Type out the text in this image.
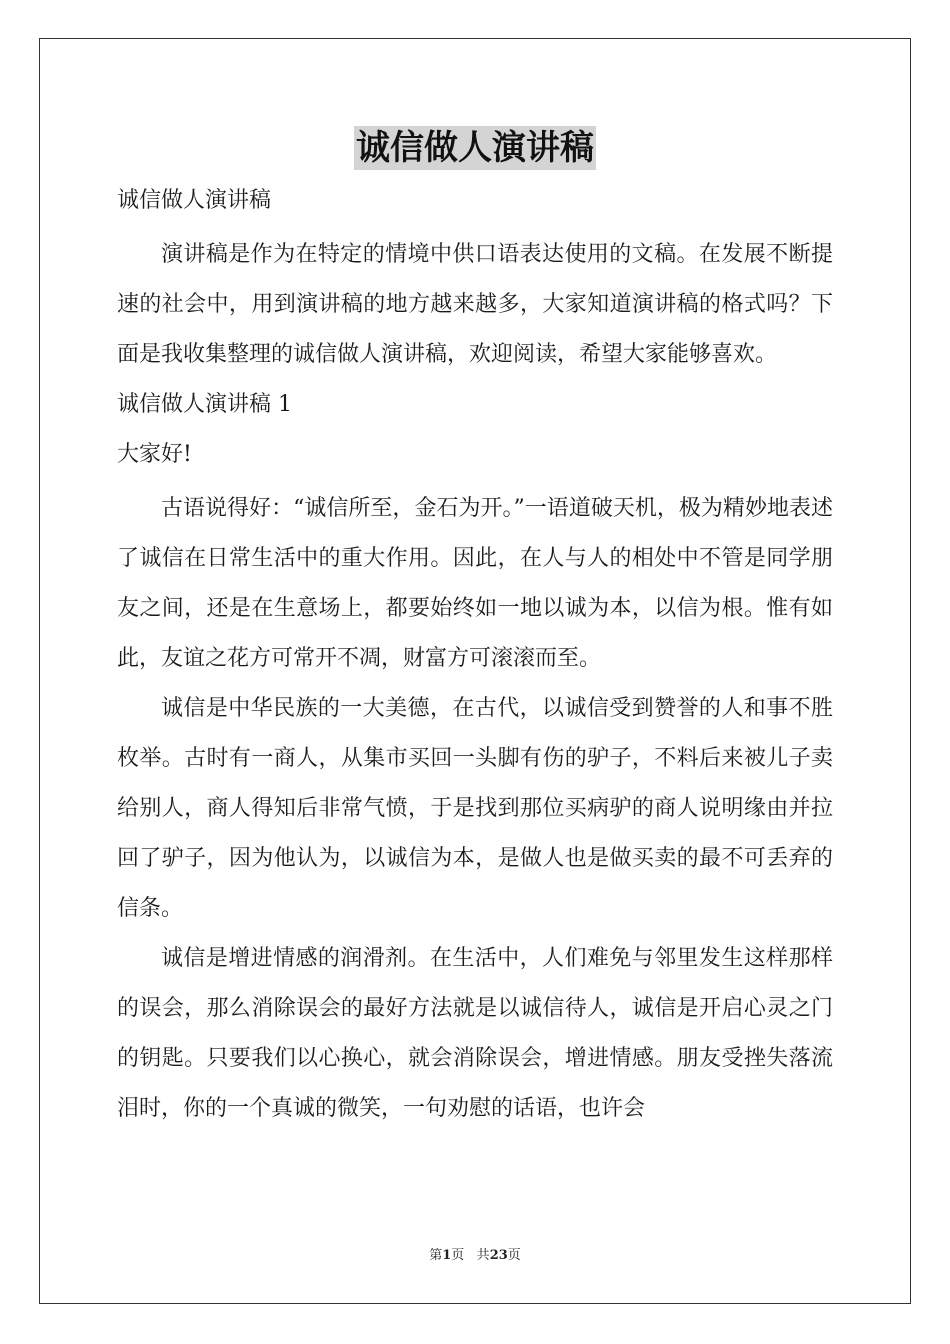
诚信做人演讲稿

诚信做人演讲稿

演讲稿是作为在特定的情境中供口语表达使用的文稿。在发展不断提速的社会中，用到演讲稿的地方越来越多，大家知道演讲稿的格式吗？下面是我收集整理的诚信做人演讲稿，欢迎阅读，希望大家能够喜欢。

诚信做人演讲稿 1

大家好!

古语说得好：“诚信所至，金石为开。”一语道破天机，极为精妙地表述了诚信在日常生活中的重大作用。因此，在人与人的相处中不管是同学朋友之间，还是在生意场上，都要始终如一地以诚为本，以信为根。惟有如此，友谊之花方可常开不凋，财富方可滚滚而至。

诚信是中华民族的一大美德，在古代，以诚信受到赞誉的人和事不胜枚举。古时有一商人，从集市买回一头脚有伤的驴子，不料后来被儿子卖给别人，商人得知后非常气愤，于是找到那位买病驴的商人说明缘由并拉回了驴子，因为他认为，以诚信为本，是做人也是做买卖的最不可丢弃的信条。

诚信是增进情感的润滑剂。在生活中，人们难免与邻里发生这样那样的误会，那么消除误会的最好方法就是以诚信待人，诚信是开启心灵之门的钥匙。只要我们以心换心，就会消除误会，增进情感。朋友受挫失落流泪时，你的一个真诚的微笑，一句劝慰的话语，也许会

第1页 共23页
